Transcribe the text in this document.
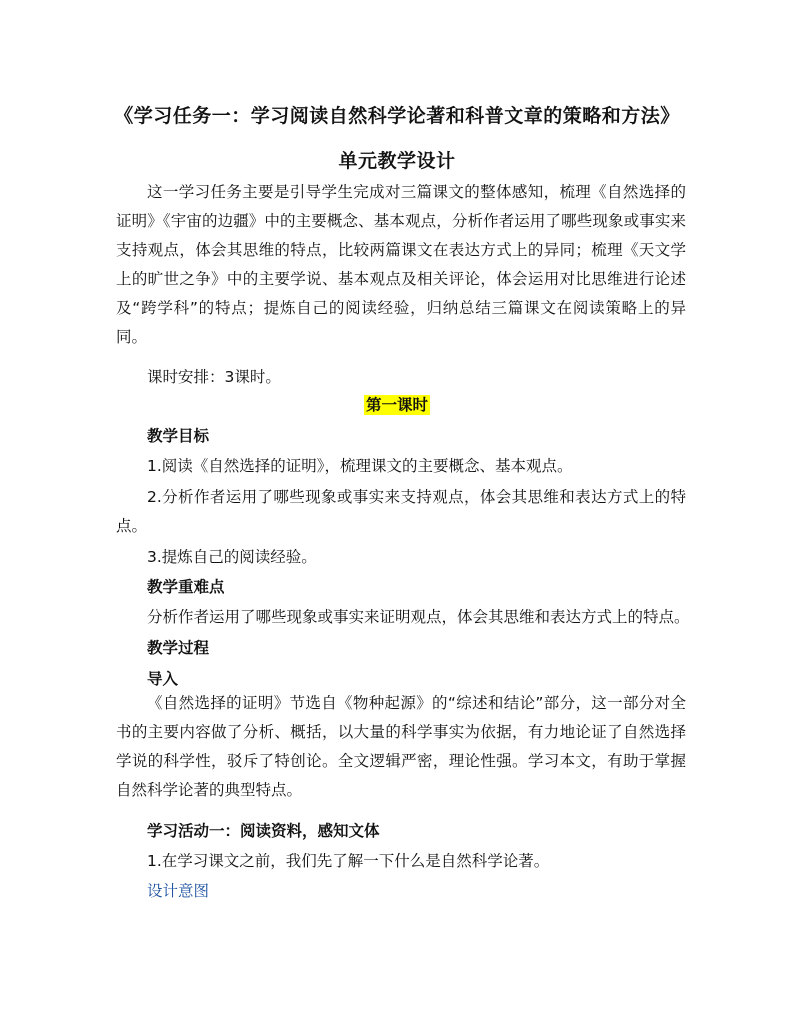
《学习任务一：学习阅读自然科学论著和科普文章的策略和方法》
单元教学设计
这一学习任务主要是引导学生完成对三篇课文的整体感知，梳理《自然选择的证明》《宇宙的边疆》中的主要概念、基本观点，分析作者运用了哪些现象或事实来支持观点，体会其思维的特点，比较两篇课文在表达方式上的异同；梳理《天文学上的旷世之争》中的主要学说、基本观点及相关评论，体会运用对比思维进行论述及“跨学科”的特点；提炼自己的阅读经验，归纳总结三篇课文在阅读策略上的异同。
课时安排：3课时。
第一课时
教学目标
1.阅读《自然选择的证明》，梳理课文的主要概念、基本观点。
2.分析作者运用了哪些现象或事实来支持观点，体会其思维和表达方式上的特点。
3.提炼自己的阅读经验。
教学重难点
分析作者运用了哪些现象或事实来证明观点，体会其思维和表达方式上的特点。
教学过程
导入
《自然选择的证明》节选自《物种起源》的“综述和结论”部分，这一部分对全书的主要内容做了分析、概括，以大量的科学事实为依据，有力地论证了自然选择学说的科学性，驳斥了特创论。全文逻辑严密，理论性强。学习本文，有助于掌握自然科学论著的典型特点。
学习活动一：阅读资料，感知文体
1.在学习课文之前，我们先了解一下什么是自然科学论著。
设计意图
